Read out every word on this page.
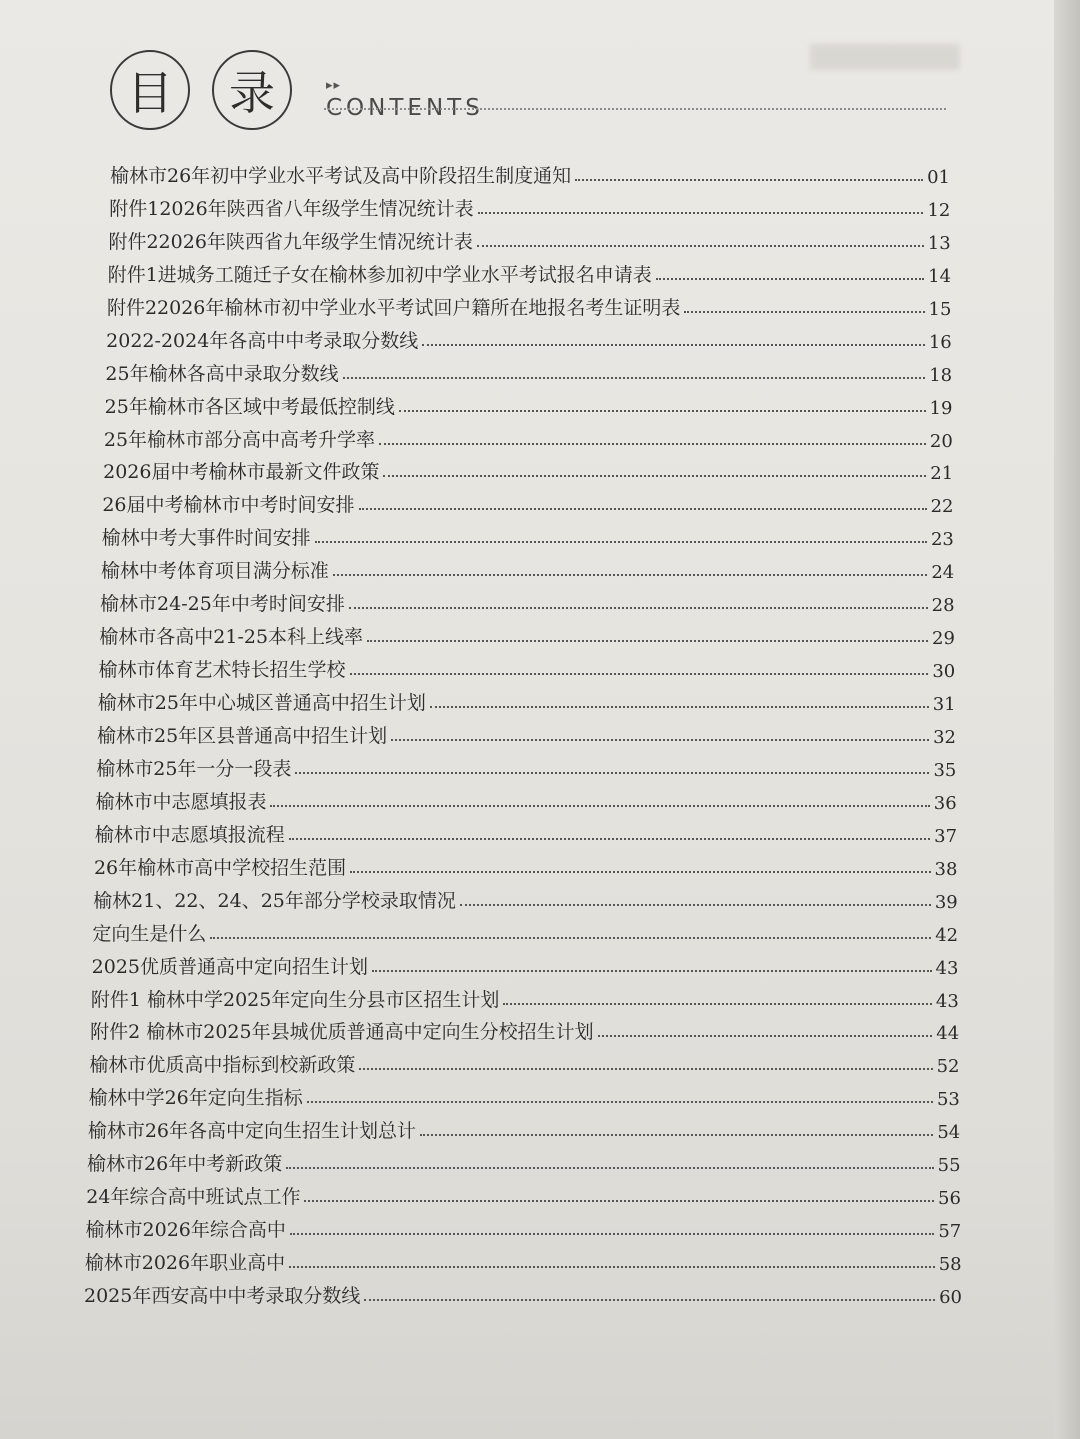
目	录	▸▸
CONTENTS
榆林市26年初中学业水平考试及高中阶段招生制度通知	01
附件12026年陕西省八年级学生情况统计表	12
附件22026年陕西省九年级学生情况统计表	13
附件1进城务工随迁子女在榆林参加初中学业水平考试报名申请表	14
附件22026年榆林市初中学业水平考试回户籍所在地报名考生证明表	15
2022-2024年各高中中考录取分数线	16
25年榆林各高中录取分数线	18
25年榆林市各区域中考最低控制线	19
25年榆林市部分高中高考升学率	20
2026届中考榆林市最新文件政策	21
26届中考榆林市中考时间安排	22
榆林中考大事件时间安排	23
榆林中考体育项目满分标准	24
榆林市24-25年中考时间安排	28
榆林市各高中21-25本科上线率	29
榆林市体育艺术特长招生学校	30
榆林市25年中心城区普通高中招生计划	31
榆林市25年区县普通高中招生计划	32
榆林市25年一分一段表	35
榆林市中志愿填报表	36
榆林市中志愿填报流程	37
26年榆林市高中学校招生范围	38
榆林21、22、24、25年部分学校录取情况	39
定向生是什么	42
2025优质普通高中定向招生计划	43
附件1 榆林中学2025年定向生分县市区招生计划	43
附件2 榆林市2025年县城优质普通高中定向生分校招生计划	44
榆林市优质高中指标到校新政策	52
榆林中学26年定向生指标	53
榆林市26年各高中定向生招生计划总计	54
榆林市26年中考新政策	55
24年综合高中班试点工作	56
榆林市2026年综合高中	57
榆林市2026年职业高中	58
2025年西安高中中考录取分数线	60
